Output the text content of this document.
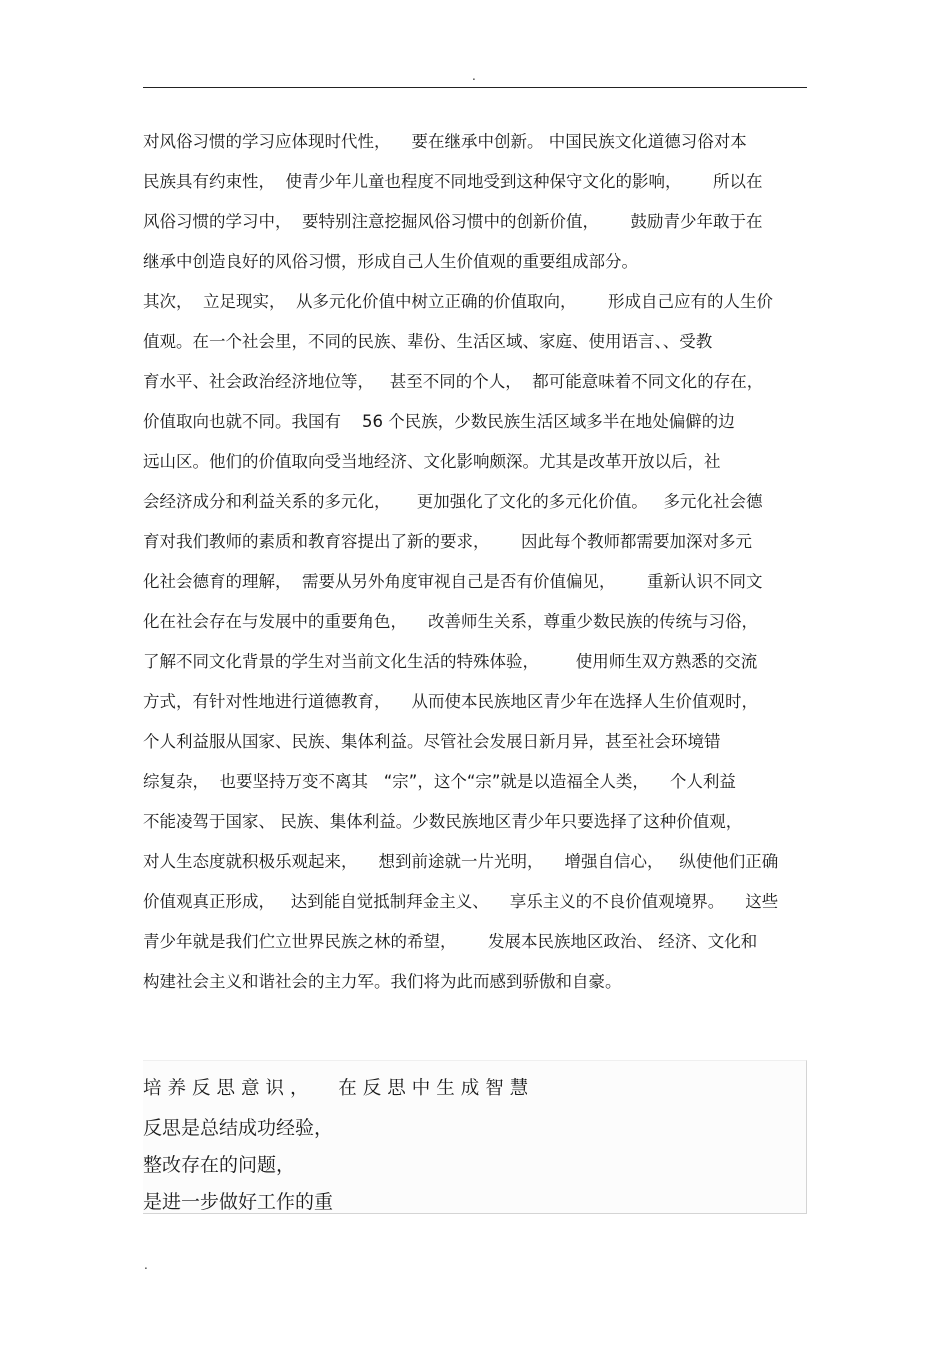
.
对风俗习惯的学习应体现时代性，    要在继承中创新。 中国民族文化道德习俗对本
民族具有约束性，  使青少年儿童也程度不同地受到这种保守文化的影响，      所以在
风俗习惯的学习中，  要特别注意挖掘风俗习惯中的创新价值，      鼓励青少年敢于在
继承中创造良好的风俗习惯，形成自己人生价值观的重要组成部分。
其次，  立足现实，  从多元化价值中树立正确的价值取向，      形成自己应有的人生价
值观。在一个社会里，不同的民族、辈份、生活区域、家庭、使用语言、、受教
育水平、社会政治经济地位等，   甚至不同的个人，  都可能意味着不同文化的存在，
价值取向也就不同。我国有    56 个民族，少数民族生活区域多半在地处偏僻的边
远山区。他们的价值取向受当地经济、文化影响颇深。尤其是改革开放以后，社
会经济成分和利益关系的多元化，     更加强化了文化的多元化价值。   多元化社会德
育对我们教师的素质和教育容提出了新的要求，      因此每个教师都需要加深对多元
化社会德育的理解，  需要从另外角度审视自己是否有价值偏见，      重新认识不同文
化在社会存在与发展中的重要角色，    改善师生关系，尊重少数民族的传统与习俗，
了解不同文化背景的学生对当前文化生活的特殊体验，       使用师生双方熟悉的交流
方式，有针对性地进行道德教育，    从而使本民族地区青少年在选择人生价值观时，
个人利益服从国家、民族、集体利益。尽管社会发展日新月异，甚至社会环境错
综复杂，  也要坚持万变不离其   “宗”，这个“宗”就是以造福全人类，    个人利益
不能凌驾于国家、 民族、集体利益。少数民族地区青少年只要选择了这种价值观，
对人生态度就积极乐观起来，    想到前途就一片光明，    增强自信心，   纵使他们正确
价值观真正形成，   达到能自觉抵制拜金主义、    享乐主义的不良价值观境界。    这些
青少年就是我们伫立世界民族之林的希望，      发展本民族地区政治、 经济、文化和
构建社会主义和谐社会的主力军。我们将为此而感到骄傲和自豪。
培养反思意识，  在反思中生成智慧
反思是总结成功经验，
整改存在的问题，
是进一步做好工作的重
.
